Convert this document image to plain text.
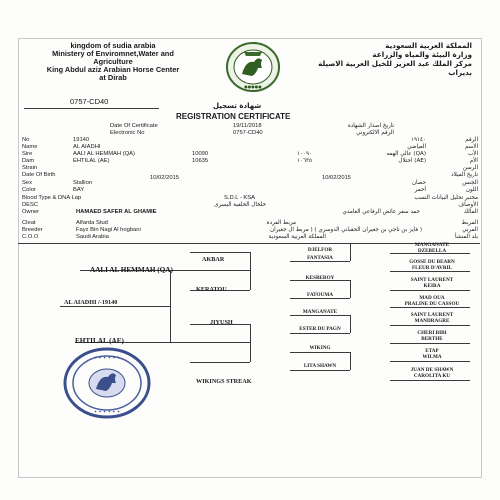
kingdom of sudia arabia
Ministery of Enviromnet,Water and
Agriculture
King Abdul aziz Arabian Horse Center
at Dirab
المملكة العربية السعودية
وزارة البيئة والمياه والزراعة
مركز الملك عبد العزيز للخيل العربية الاصيلة
بديراب
●●●●●
0757-CD40	شهادة تسجيل
REGISTRATION CERTIFICATE
Date Of Certificate	19/11/2018	تاريخ اصدار الشهادة
Electronic No	0757-CD40	الرقم الالكتروني
No	19140	١٩١٤٠	الرقم
Name	AL AIADHI	العياضي	الاسم
Sire	AALI AL HEMMAH (QA)	10090	١٠٠٩٠	(QA) عالي الهمه	الأب
Dam	EHTILAL (AE)	10635	١٠٦٣٥	(AE) احتلال	الأم
Strain	الرسن
Date Of Birth	تاريخ الميلاد
10/02/2015	10/02/2015
Sex	Stallion	حصان	الجنس
Color	BAY	أحمر	اللون
Blood Type & DNA Lap	S.D.L - KSA	مختبر تحليل البيانات النسب
DESC	خلخال الخلفية اليسرى	الأوصاف
Owner	HAMAED SAFER AL GHAMIE	حمد سفر عائض الرفاعي الغامدي	المالك
Cleat	Alfarda Stud	مربط الفردة	المربط
Breeder	Fayz Bin Nagi Al hogbani	( فايز بن ناجي بن جغيران الحقباني الدوسري ) ( مربط ال جغيران	المربي
C.O.O	Saudi Arabia	المملكة العربية السعودية	بلد المنشأ
AALI AL HEMMAH (QA)
AL AIADHI /-19140
EHTILAL (AE)
AKBAR
KERATOU
JIYUSH
WIKINGS STREAK
DJELFOR
FANTASIA
KESBEROY
FATOUMA
MANGANATE
ESTER DU PAGN
WIKING
LITA SHAWN
MANGANATE
DZEBELLA
GOSSE DU BEARN
FLEUR D'AVRIL
SAINT LAURENT
KEIRA
MAD OUA
PRALINE DU CASSOU
SAINT LAURENT
MANDRAGRE
CHERI BIBI
BERTHE
ETAP
WILMA
JUAN DE SHAWN
CAROLITA KU
✦ ✦ ✦ ✦ ✦ ✦
✦ ✦ ✦ ✦ ✦ ✦
